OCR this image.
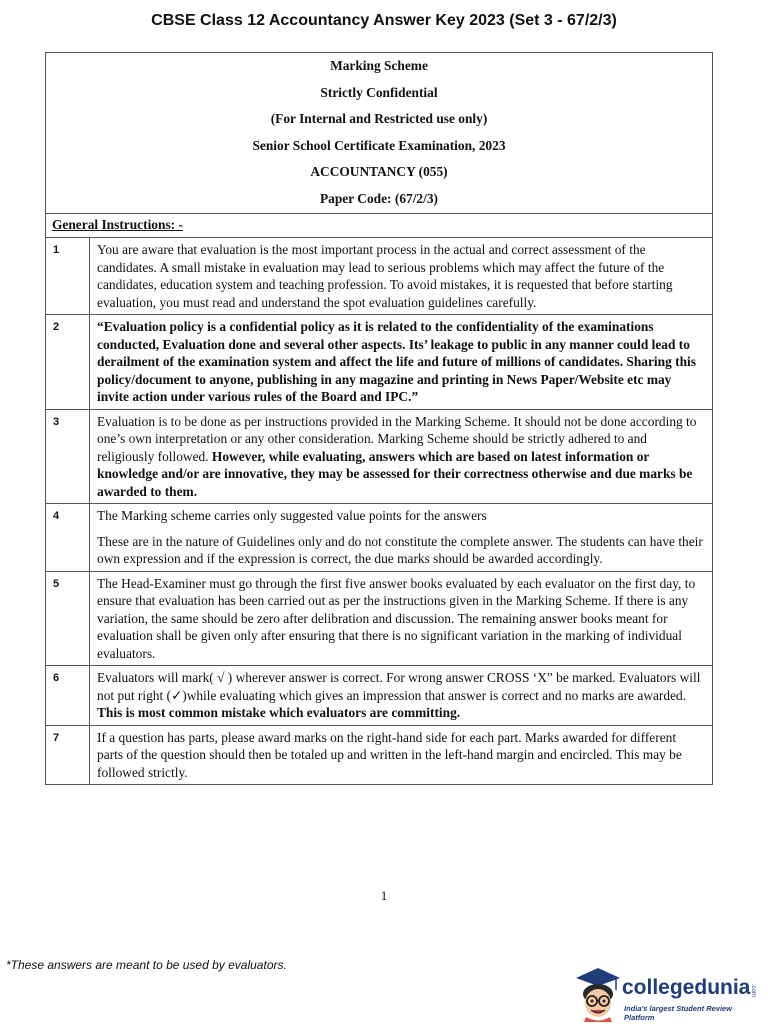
CBSE Class 12 Accountancy Answer Key 2023 (Set 3 - 67/2/3)
Marking Scheme
Strictly Confidential
(For Internal and Restricted use only)
Senior School Certificate Examination, 2023
ACCOUNTANCY (055)
Paper Code: (67/2/3)
General Instructions: -
1	You are aware that evaluation is the most important process in the actual and correct assessment of the candidates. A small mistake in evaluation may lead to serious problems which may affect the future of the candidates, education system and teaching profession. To avoid mistakes, it is requested that before starting evaluation, you must read and understand the spot evaluation guidelines carefully.

2	“Evaluation policy is a confidential policy as it is related to the confidentiality of the examinations conducted, Evaluation done and several other aspects. Its’ leakage to public in any manner could lead to derailment of the examination system and affect the life and future of millions of candidates. Sharing this policy/document to anyone, publishing in any magazine and printing in News Paper/Website etc may invite action under various rules of the Board and IPC.”

3	Evaluation is to be done as per instructions provided in the Marking Scheme. It should not be done according to one’s own interpretation or any other consideration. Marking Scheme should be strictly adhered to and religiously followed. However, while evaluating, answers which are based on latest information or knowledge and/or are innovative, they may be assessed for their correctness otherwise and due marks be awarded to them.

4	The Marking scheme carries only suggested value points for the answers

These are in the nature of Guidelines only and do not constitute the complete answer. The students can have their own expression and if the expression is correct, the due marks should be awarded accordingly.

5	The Head-Examiner must go through the first five answer books evaluated by each evaluator on the first day, to ensure that evaluation has been carried out as per the instructions given in the Marking Scheme. If there is any variation, the same should be zero after delibration and discussion. The remaining answer books meant for evaluation shall be given only after ensuring that there is no significant variation in the marking of individual evaluators.

6	Evaluators will mark( √ ) wherever answer is correct. For wrong answer CROSS ‘X” be marked. Evaluators will not put right (✓)while evaluating which gives an impression that answer is correct and no marks are awarded. This is most common mistake which evaluators are committing.

7	If a question has parts, please award marks on the right-hand side for each part. Marks awarded for different parts of the question should then be totaled up and written in the left-hand margin and encircled. This may be followed strictly.

1
*These answers are meant to be used by evaluators.
collegedunia .com
India's largest Student Review Platform
